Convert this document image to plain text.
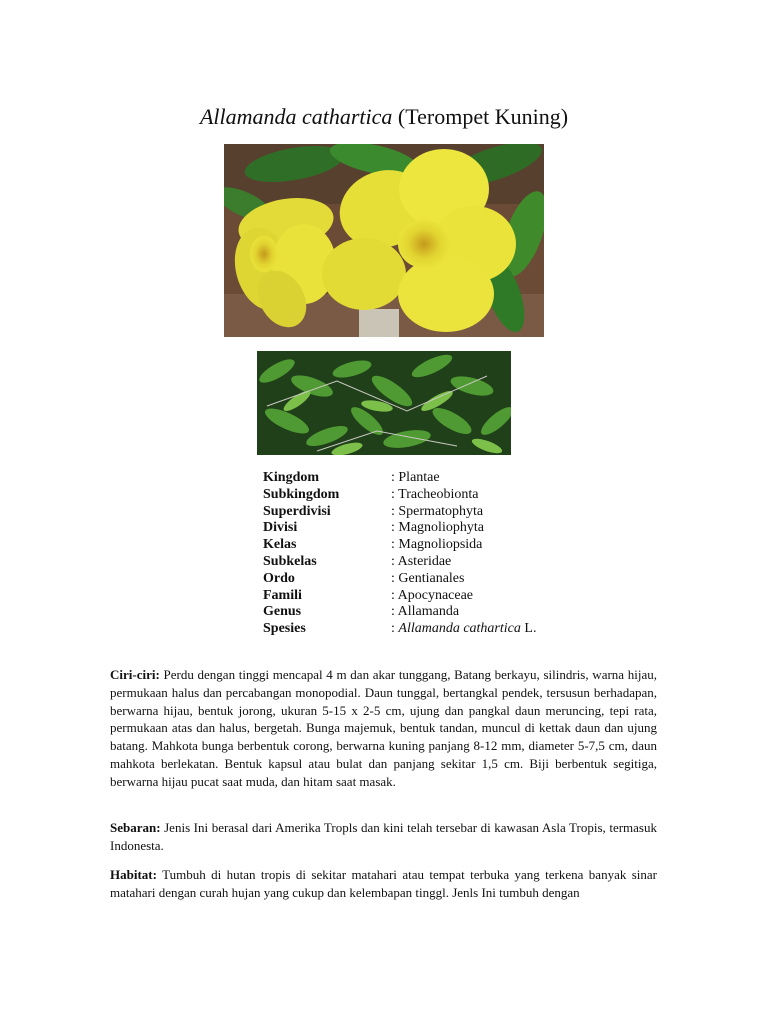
Allamanda cathartica (Terompet Kuning)
Kingdom	: Plantae
Subkingdom	: Tracheobionta
Superdivisi	: Spermatophyta
Divisi	: Magnoliophyta
Kelas	: Magnoliopsida
Subkelas	: Asteridae
Ordo	: Gentianales
Famili	: Apocynaceae
Genus	: Allamanda
Spesies	: Allamanda cathartica L.

Ciri-ciri: Perdu dengan tinggi mencapal 4 m dan akar tunggang, Batang berkayu, silindris, warna hijau, permukaan halus dan percabangan monopodial. Daun tunggal, bertangkal pendek, tersusun berhadapan, berwarna hijau, bentuk jorong, ukuran 5-15 x 2-5 cm, ujung dan pangkal daun meruncing, tepi rata, permukaan atas dan halus, bergetah. Bunga majemuk, bentuk tandan, muncul di kettak daun dan ujung batang. Mahkota bunga berbentuk corong, berwarna kuning panjang 8-12 mm, diameter 5-7,5 cm, daun mahkota berlekatan. Bentuk kapsul atau bulat dan panjang sekitar 1,5 cm. Biji berbentuk segitiga, berwarna hijau pucat saat muda, dan hitam saat masak.

Sebaran: Jenis Ini berasal dari Amerika Tropls dan kini telah tersebar di kawasan Asla Tropis, termasuk Indonesta.

Habitat: Tumbuh di hutan tropis di sekitar matahari atau tempat terbuka yang terkena banyak sinar matahari dengan curah hujan yang cukup dan kelembapan tinggl. Jenls Ini tumbuh dengan
